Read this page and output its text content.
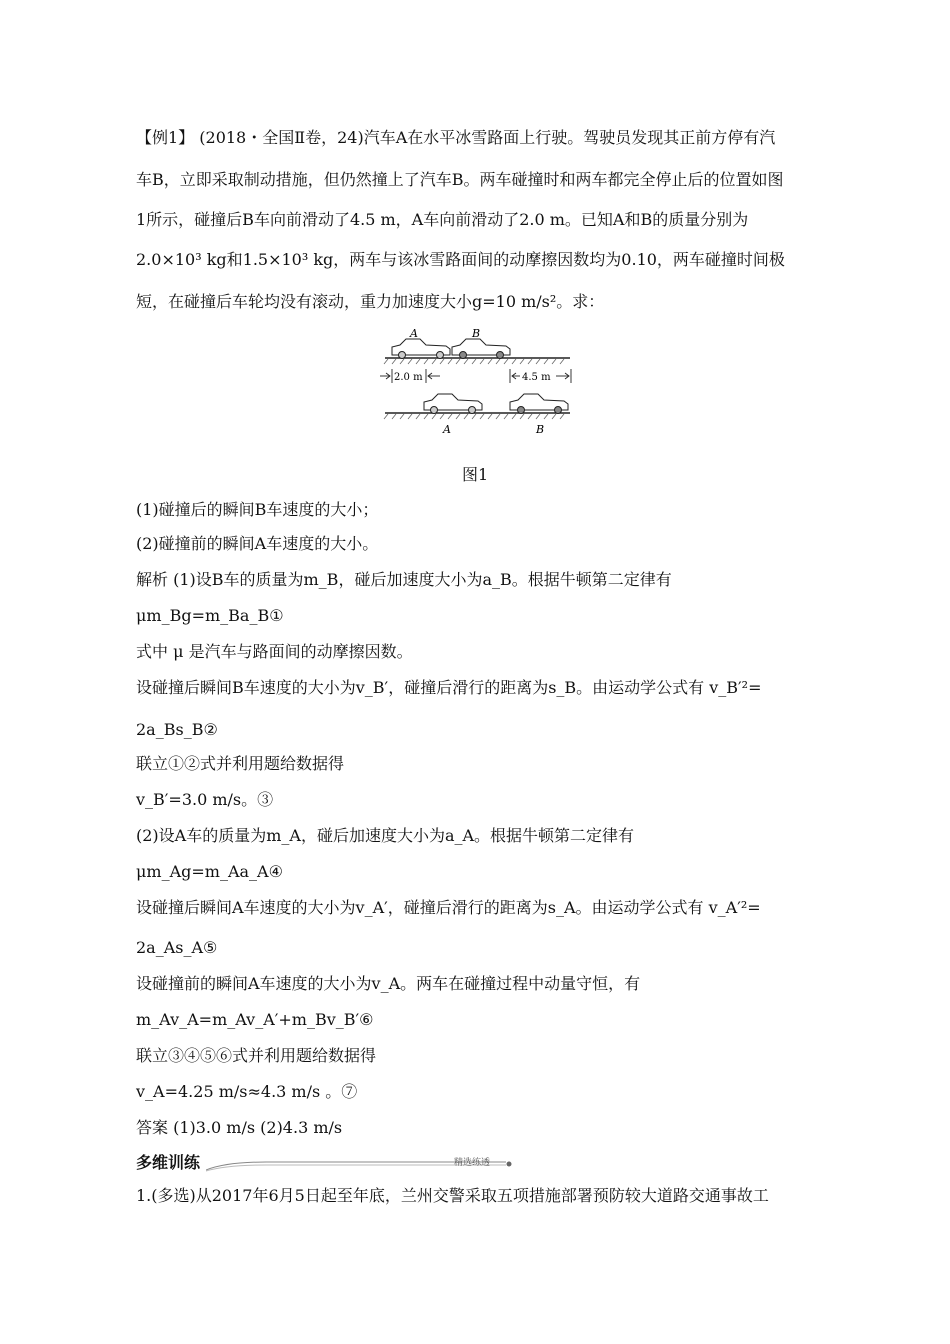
【例1】 (2018・全国Ⅱ卷，24)汽车A在水平冰雪路面上行驶。驾驶员发现其正前方停有汽
车B，立即采取制动措施，但仍然撞上了汽车B。两车碰撞时和两车都完全停止后的位置如图
1所示，碰撞后B车向前滑动了4.5 m，A车向前滑动了2.0 m。已知A和B的质量分别为
2.0×10³ kg和1.5×10³ kg，两车与该冰雪路面间的动摩擦因数均为0.10，两车碰撞时间极
短，在碰撞后车轮均没有滚动，重力加速度大小g=10 m/s²。求：
A	B
2.0 m	4.5 m
A	B
图1
(1)碰撞后的瞬间B车速度的大小；
(2)碰撞前的瞬间A车速度的大小。
解析 (1)设B车的质量为m_B，碰后加速度大小为a_B。根据牛顿第二定律有
μm_Bg=m_Ba_B①
式中 μ 是汽车与路面间的动摩擦因数。
设碰撞后瞬间B车速度的大小为v_B′，碰撞后滑行的距离为s_B。由运动学公式有 v_B′²=
2a_Bs_B②
联立①②式并利用题给数据得
v_B′=3.0 m/s。③
(2)设A车的质量为m_A，碰后加速度大小为a_A。根据牛顿第二定律有
μm_Ag=m_Aa_A④
设碰撞后瞬间A车速度的大小为v_A′，碰撞后滑行的距离为s_A。由运动学公式有 v_A′²=
2a_As_A⑤
设碰撞前的瞬间A车速度的大小为v_A。两车在碰撞过程中动量守恒，有
m_Av_A=m_Av_A′+m_Bv_B′⑥
联立③④⑤⑥式并利用题给数据得
v_A=4.25 m/s≈4.3 m/s 。⑦
答案 (1)3.0 m/s (2)4.3 m/s
多维训练	精选练透
1.(多选)从2017年6月5日起至年底，兰州交警采取五项措施部署预防较大道路交通事故工
